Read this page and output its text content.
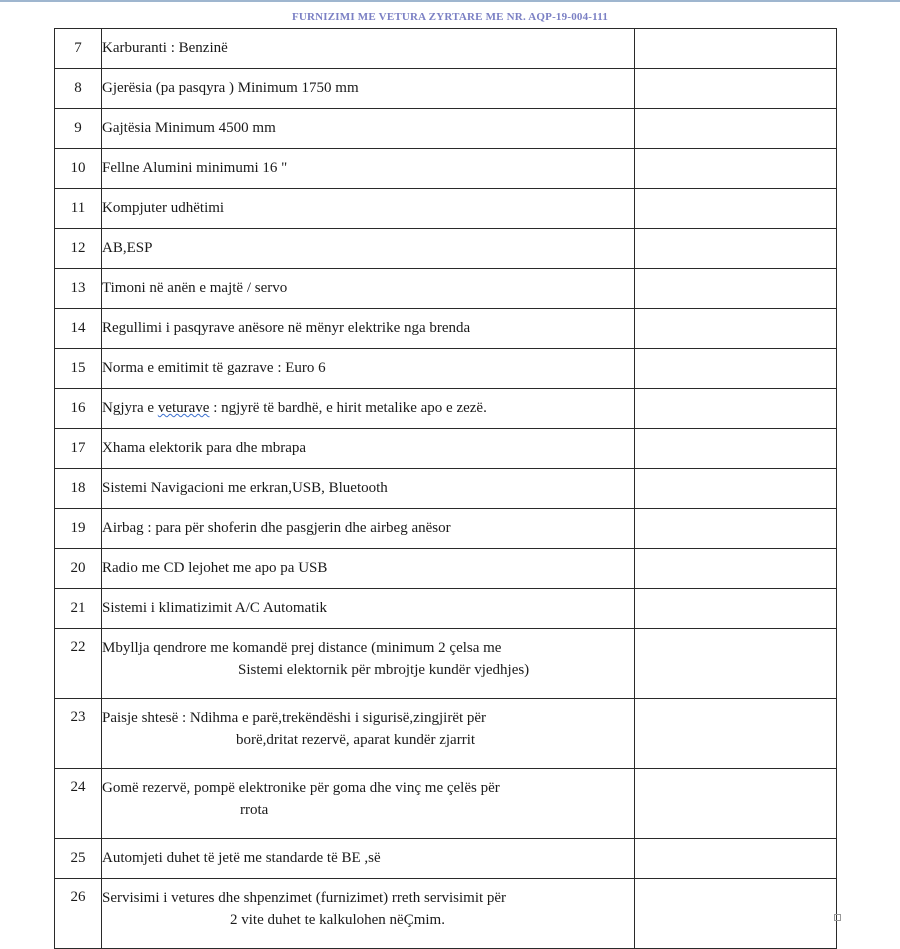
FURNIZIMI ME VETURA ZYRTARE ME NR. AQP-19-004-111
7	Karburanti : Benzinë	
8	Gjerësia (pa pasqyra ) Minimum 1750 mm	
9	Gajtësia Minimum 4500 mm	
10	Fellne Alumini minimumi 16 "	
11	Kompjuter udhëtimi	
12	AB,ESP	
13	Timoni në anën e majtë / servo	
14	Regullimi i pasqyrave anësore në mënyr elektrike nga brenda	
15	Norma e emitimit të gazrave : Euro 6	
16	Ngjyra e veturave : ngjyrë të bardhë, e hirit metalike apo e zezë.	
17	Xhama elektorik para dhe mbrapa	
18	Sistemi Navigacioni me erkran,USB, Bluetooth	
19	Airbag : para për shoferin dhe pasgjerin dhe airbeg anësor	
20	Radio me CD lejohet me apo pa USB	
21	Sistemi i klimatizimit A/C Automatik	
22	Mbyllja qendrore me komandë prej distance (minimum 2 çelsa me
Sistemi elektornik për mbrojtje kundër vjedhjes)	

23	Paisje shtesë : Ndihma e parë,trekëndëshi i sigurisë,zingjirët për
borë,dritat rezervë, aparat kundër zjarrit	

24	Gomë rezervë, pompë elektronike për goma dhe vinç me çelës për
rrota	

25	Automjeti duhet të jetë me standarde të BE ,së	
26	Servisimi i vetures dhe shpenzimet (furnizimet) rreth servisimit për
2 vite duhet te kalkulohen nëÇmim.	
